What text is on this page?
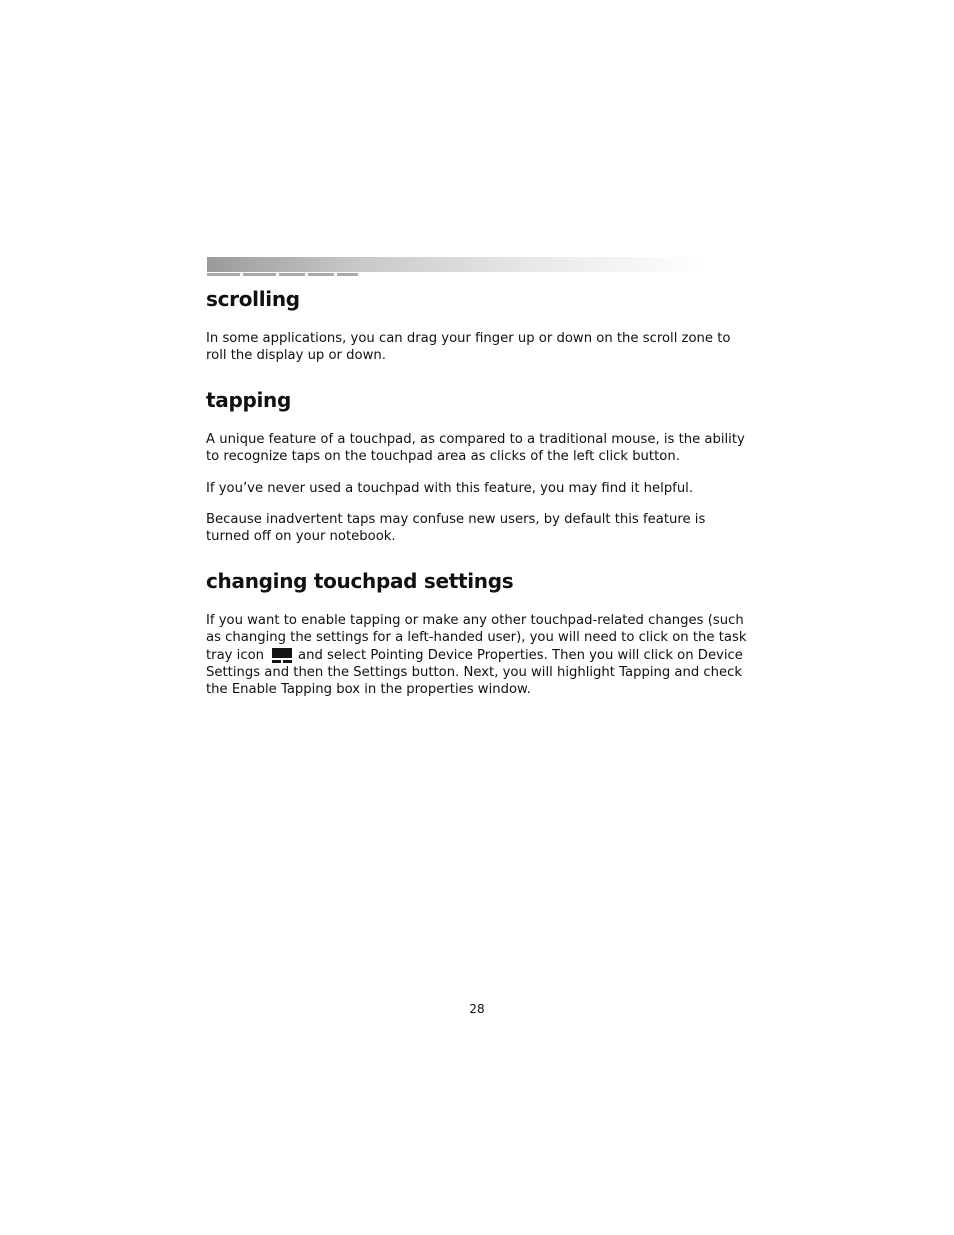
scrolling

In some applications, you can drag your finger up or down on the scroll zone to roll the display up or down.

tapping

A unique feature of a touchpad, as compared to a traditional mouse, is the ability to recognize taps on the touchpad area as clicks of the left click button.

If you’ve never used a touchpad with this feature, you may find it helpful.

Because inadvertent taps may confuse new users, by default this feature is turned off on your notebook.

changing touchpad settings

If you want to enable tapping or make any other touchpad-related changes (such as changing the settings for a left-handed user), you will need to click on the task tray icon	and select Pointing Device Properties. Then you will click on Device Settings and then the Settings button. Next, you will highlight Tapping and check the Enable Tapping box in the properties window.

28
